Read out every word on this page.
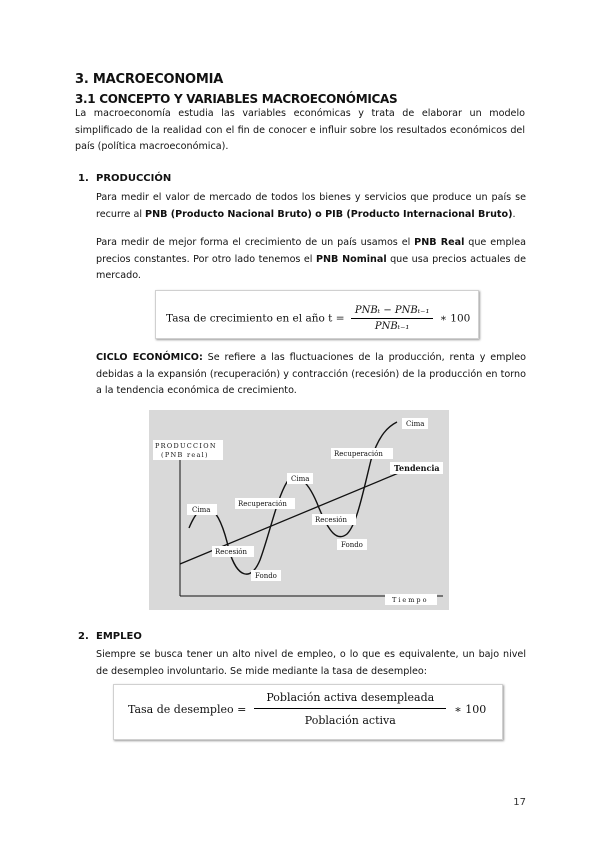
3. MACROECONOMIA
3.1 CONCEPTO Y VARIABLES MACROECONÓMICAS
La macroeconomía estudia las variables económicas y trata de elaborar un modelo simplificado de la realidad con el fin de conocer e influir sobre los resultados económicos del país (política macroeconómica).
1. PRODUCCIÓN
Para medir el valor de mercado de todos los bienes y servicios que produce un país se recurre al PNB (Producto Nacional Bruto) o PIB (Producto Internacional Bruto).
Para medir de mejor forma el crecimiento de un país usamos el PNB Real que emplea precios constantes. Por otro lado tenemos el PNB Nominal que usa precios actuales de mercado.
Tasa de crecimiento en el año $t = \frac{\text{PNBₜ − PNBₜ₋₁}}{\text{PNBₜ₋₁}}$ ∗ 100
CICLO ECONÓMICO: Se refiere a las fluctuaciones de la producción, renta y empleo debidas a la expansión (recuperación) y contracción (recesión) de la producción en torno a la tendencia económica de crecimiento.
PRODUCCION
(PNB real)
Cima
Recesión
Fondo
Recuperación
Cima
Recesión
Fondo
Recuperación
Cima
Tendencia
Tiempo
2. EMPLEO
Siempre se busca tener un alto nivel de empleo, o lo que es equivalente, un bajo nivel de desempleo involuntario. Se mide mediante la tasa de desempleo:
Tasa de desempleo = $\frac{\text{Población activa desempleada}}{\text{Población activa}}$ ∗ 100
17
